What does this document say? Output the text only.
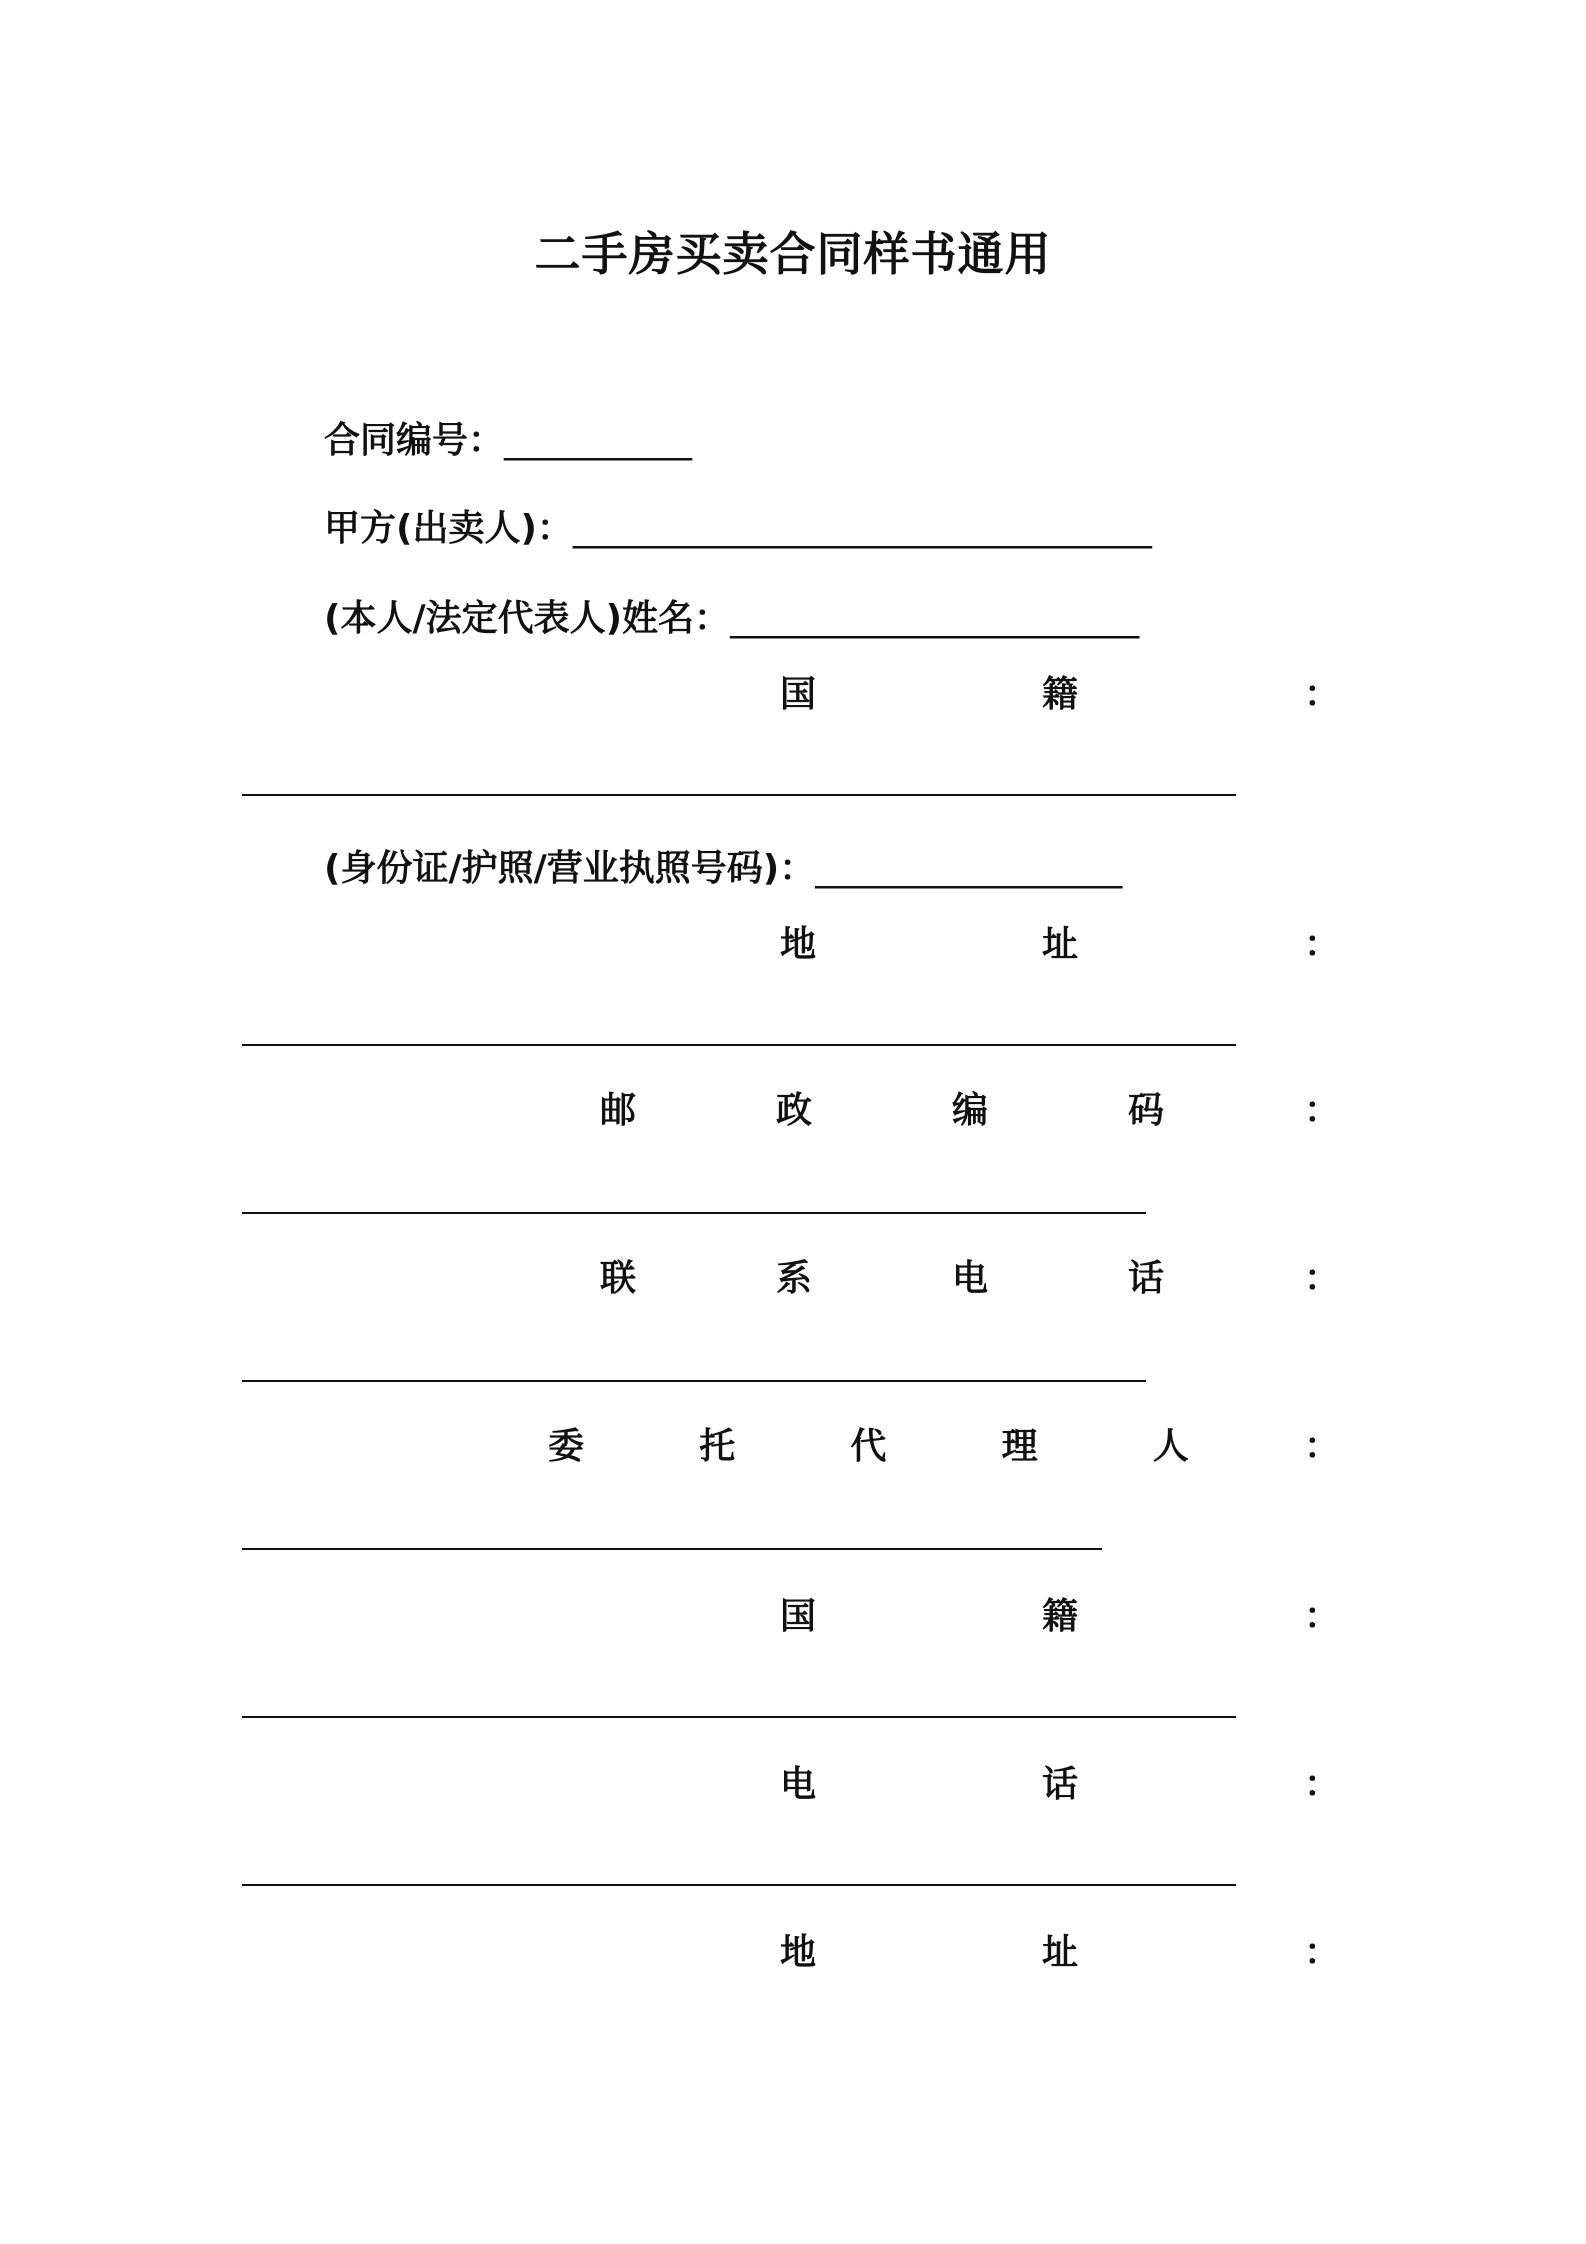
二手房买卖合同样书通用
合同编号：___________
甲方(出卖人)：__________________________________
(本人/法定代表人)姓名：________________________
国	籍	：
(身份证/护照/营业执照号码)：__________________
地	址	：
邮	政	编	码	：
联	系	电	话	：
委	托	代	理	人	：
国	籍	：
电	话	：
地	址	：
